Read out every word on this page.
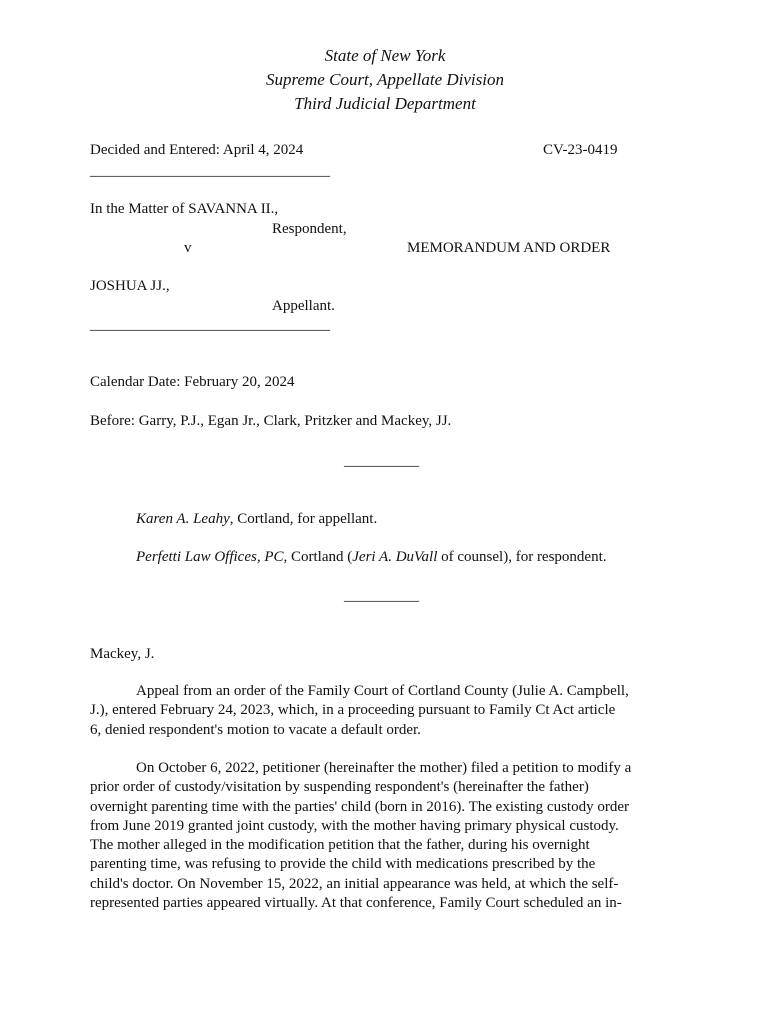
State of New York
Supreme Court, Appellate Division
Third Judicial Department
Decided and Entered: April 4, 2024	CV-23-0419
________________________________
In the Matter of SAVANNA II.,
Respondent,
v	MEMORANDUM AND ORDER
JOSHUA JJ.,
Appellant.
________________________________
Calendar Date: February 20, 2024
Before: Garry, P.J., Egan Jr., Clark, Pritzker and Mackey, JJ.
__________
Karen A. Leahy, Cortland, for appellant.
Perfetti Law Offices, PC, Cortland (Jeri A. DuVall of counsel), for respondent.
__________
Mackey, J.
Appeal from an order of the Family Court of Cortland County (Julie A. Campbell,
J.), entered February 24, 2023, which, in a proceeding pursuant to Family Ct Act article
6, denied respondent's motion to vacate a default order.
On October 6, 2022, petitioner (hereinafter the mother) filed a petition to modify a
prior order of custody/visitation by suspending respondent's (hereinafter the father)
overnight parenting time with the parties' child (born in 2016). The existing custody order
from June 2019 granted joint custody, with the mother having primary physical custody.
The mother alleged in the modification petition that the father, during his overnight
parenting time, was refusing to provide the child with medications prescribed by the
child's doctor. On November 15, 2022, an initial appearance was held, at which the self-
represented parties appeared virtually. At that conference, Family Court scheduled an in-
